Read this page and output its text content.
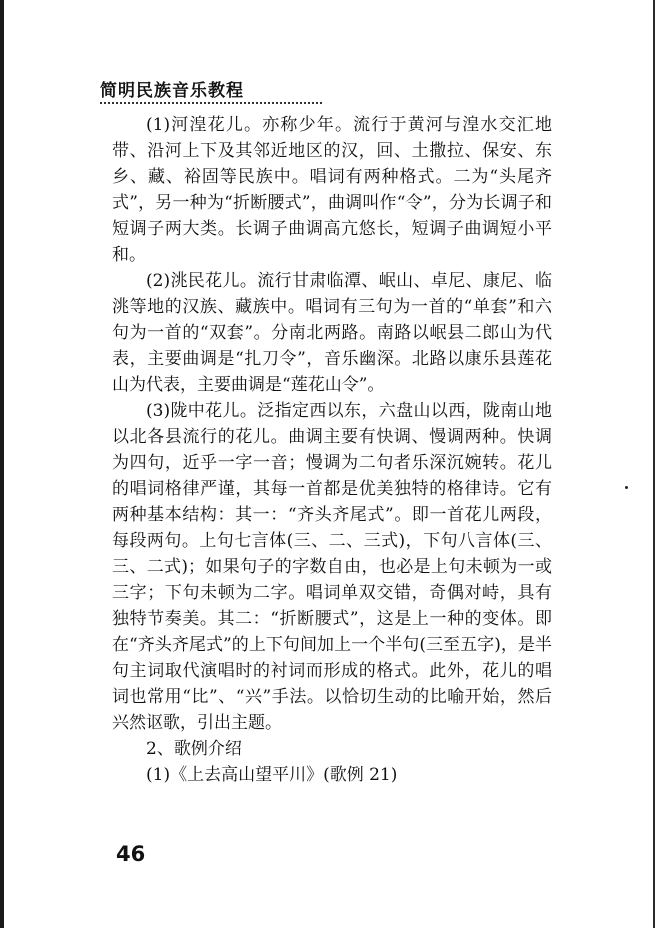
简明民族音乐教程

(1)河湟花儿。亦称少年。流行于黄河与湟水交汇地带、沿河上下及其邻近地区的汉，回、土撒拉、保安、东乡、藏、裕固等民族中。唱词有两种格式。二为“头尾齐式”，另一种为“折断腰式”，曲调叫作“令”，分为长调子和短调子两大类。长调子曲调高亢悠长，短调子曲调短小平和。

(2)洮民花儿。流行甘肃临潭、岷山、卓尼、康尼、临洮等地的汉族、藏族中。唱词有三句为一首的“单套”和六句为一首的“双套”。分南北两路。南路以岷县二郎山为代表，主要曲调是“扎刀令”，音乐幽深。北路以康乐县莲花山为代表，主要曲调是“莲花山令”。

(3)陇中花儿。泛指定西以东，六盘山以西，陇南山地以北各县流行的花儿。曲调主要有快调、慢调两种。快调为四句，近乎一字一音；慢调为二句者乐深沉婉转。花儿的唱词格律严谨，其每一首都是优美独特的格律诗。它有两种基本结构：其一：“齐头齐尾式”。即一首花儿两段，每段两句。上句七言体(三、二、三式)，下句八言体(三、三、二式)；如果句子的字数自由，也必是上句未顿为一或三字；下句未顿为二字。唱词单双交错，奇偶对峙，具有独特节奏美。其二：“折断腰式”，这是上一种的变体。即在“齐头齐尾式”的上下句间加上一个半句(三至五字)，是半句主词取代演唱时的衬词而形成的格式。此外，花儿的唱词也常用“比”、“兴”手法。以恰切生动的比喻开始，然后兴然讴歌，引出主题。

2、歌例介绍

(1)《上去高山望平川》(歌例 21)

46
